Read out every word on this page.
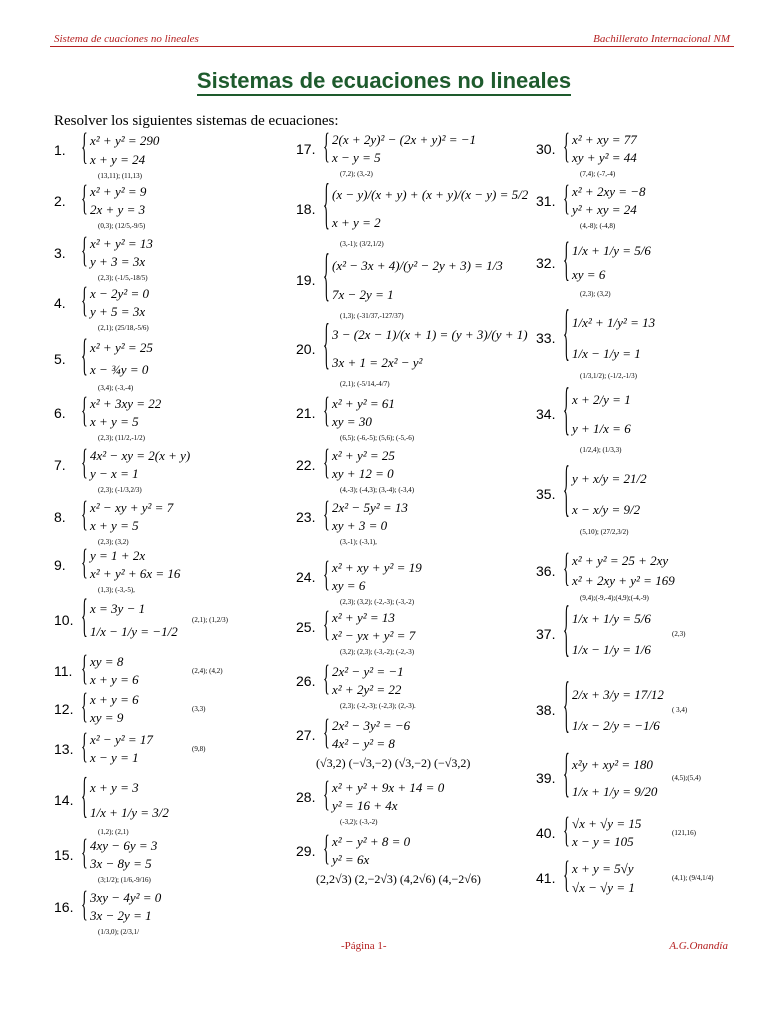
Sistema de cuaciones no lineales	Bachillerato Internacional NM
Sistemas de ecuaciones no lineales
Resolver los siguientes sistemas de ecuaciones:
1. { x² + y² = 290
x + y = 24
(13,11); (11,13)
2. { x² + y² = 9
2x + y = 3
(0,3); (12/5,-9/5)
3. { x² + y² = 13
y + 3 = 3x
(2,3); (-1/5,-18/5)
4. { x − 2y² = 0
y + 5 = 3x
(2,1); (25/18,-5/6)
5. { x² + y² = 25
x − ¾y = 0
(3,4); (-3,-4)
6. { x² + 3xy = 22
x + y = 5
(2,3); (11/2,-1/2)
7. { 4x² − xy = 2(x + y)
y − x = 1
(2,3); (-1/3,2/3)
8. { x² − xy + y² = 7
x + y = 5
(2,3); (3,2)
9. { y = 1 + 2x
x² + y² + 6x = 16
(1,3); (-3,-5),
10. { x = 3y − 1
1/x − 1/y = −1/2
(2,1); (1,2/3)
11. { xy = 8
x + y = 6
(2,4); (4,2)
12. { x + y = 6
xy = 9
(3,3)
13. { x² − y² = 17
x − y = 1
(9,8)
14. { x + y = 3
1/x + 1/y = 3/2
(1,2); (2,1)
15. { 4xy − 6y = 3
3x − 8y = 5
(3;1/2); (1/6,-9/16)
16. { 3xy − 4y² = 0
3x − 2y = 1
(1/3,0); (2/3,1/
17. { 2(x + 2y)² − (2x + y)² = −1
x − y = 5
(7,2); (3,-2)
18. { (x − y)/(x + y) + (x + y)/(x − y) = 5/2
x + y = 2
(3,-1); (3/2,1/2)
19. { (x² − 3x + 4)/(y² − 2y + 3) = 1/3
7x − 2y = 1
(1,3); (-31/37,-127/37)
20. { 3 − (2x − 1)/(x + 1) = (y + 3)/(y + 1)
3x + 1 = 2x² − y²
(2,1); (-5/14,-4/7)
21. { x² + y² = 61
xy = 30
(6,5); (-6,-5); (5,6); (-5,-6)
22. { x² + y² = 25
xy + 12 = 0
(4,-3); (-4,3); (3,-4); (-3,4)
23. { 2x² − 5y² = 13
xy + 3 = 0
(3,-1); (-3,1),
24. { x² + xy + y² = 19
xy = 6
(2,3); (3,2); (-2,-3); (-3,-2)
25. { x² + y² = 13
x² − yx + y² = 7
(3,2); (2,3); (-3,-2); (-2,-3)
26. { 2x² − y² = −1
x² + 2y² = 22
(2,3); (-2,-3); (-2,3); (2,-3).
27. { 2x² − 3y² = −6
4x² − y² = 8
(√3,2) (−√3,−2) (√3,−2) (−√3,2)
28. { x² + y² + 9x + 14 = 0
y² = 16 + 4x
(-3,2); (-3,-2)
29. { x² − y² + 8 = 0
y² = 6x
(2,2√3) (2,−2√3) (4,2√6) (4,−2√6)
30. { x² + xy = 77
xy + y² = 44
(7,4); (-7,-4)
31. { x² + 2xy = −8
y² + xy = 24
(4,-8); (-4,8)
32. { 1/x + 1/y = 5/6
xy = 6
(2,3); (3,2)
33. { 1/x² + 1/y² = 13
1/x − 1/y = 1
(1/3,1/2); (-1/2,-1/3)
34. { x + 2/y = 1
y + 1/x = 6
(1/2,4); (1/3,3)
35. { y + x/y = 21/2
x − x/y = 9/2
(5,10); (27/2,3/2)
36. { x² + y² = 25 + 2xy
x² + 2xy + y² = 169
(9,4);(-9,-4);(4,9);(-4,-9)
37. { 1/x + 1/y = 5/6
1/x − 1/y = 1/6
(2,3)
38. { 2/x + 3/y = 17/12
1/x − 2/y = −1/6
( 3,4)
39. { x²y + xy² = 180
1/x + 1/y = 9/20
(4,5);(5,4)
40. { √x + √y = 15
x − y = 105
(121,16)
41. { x + y = 5√y
√x − √y = 1
(4,1); (9/4,1/4)
-Página 1-	A.G.Onandía
